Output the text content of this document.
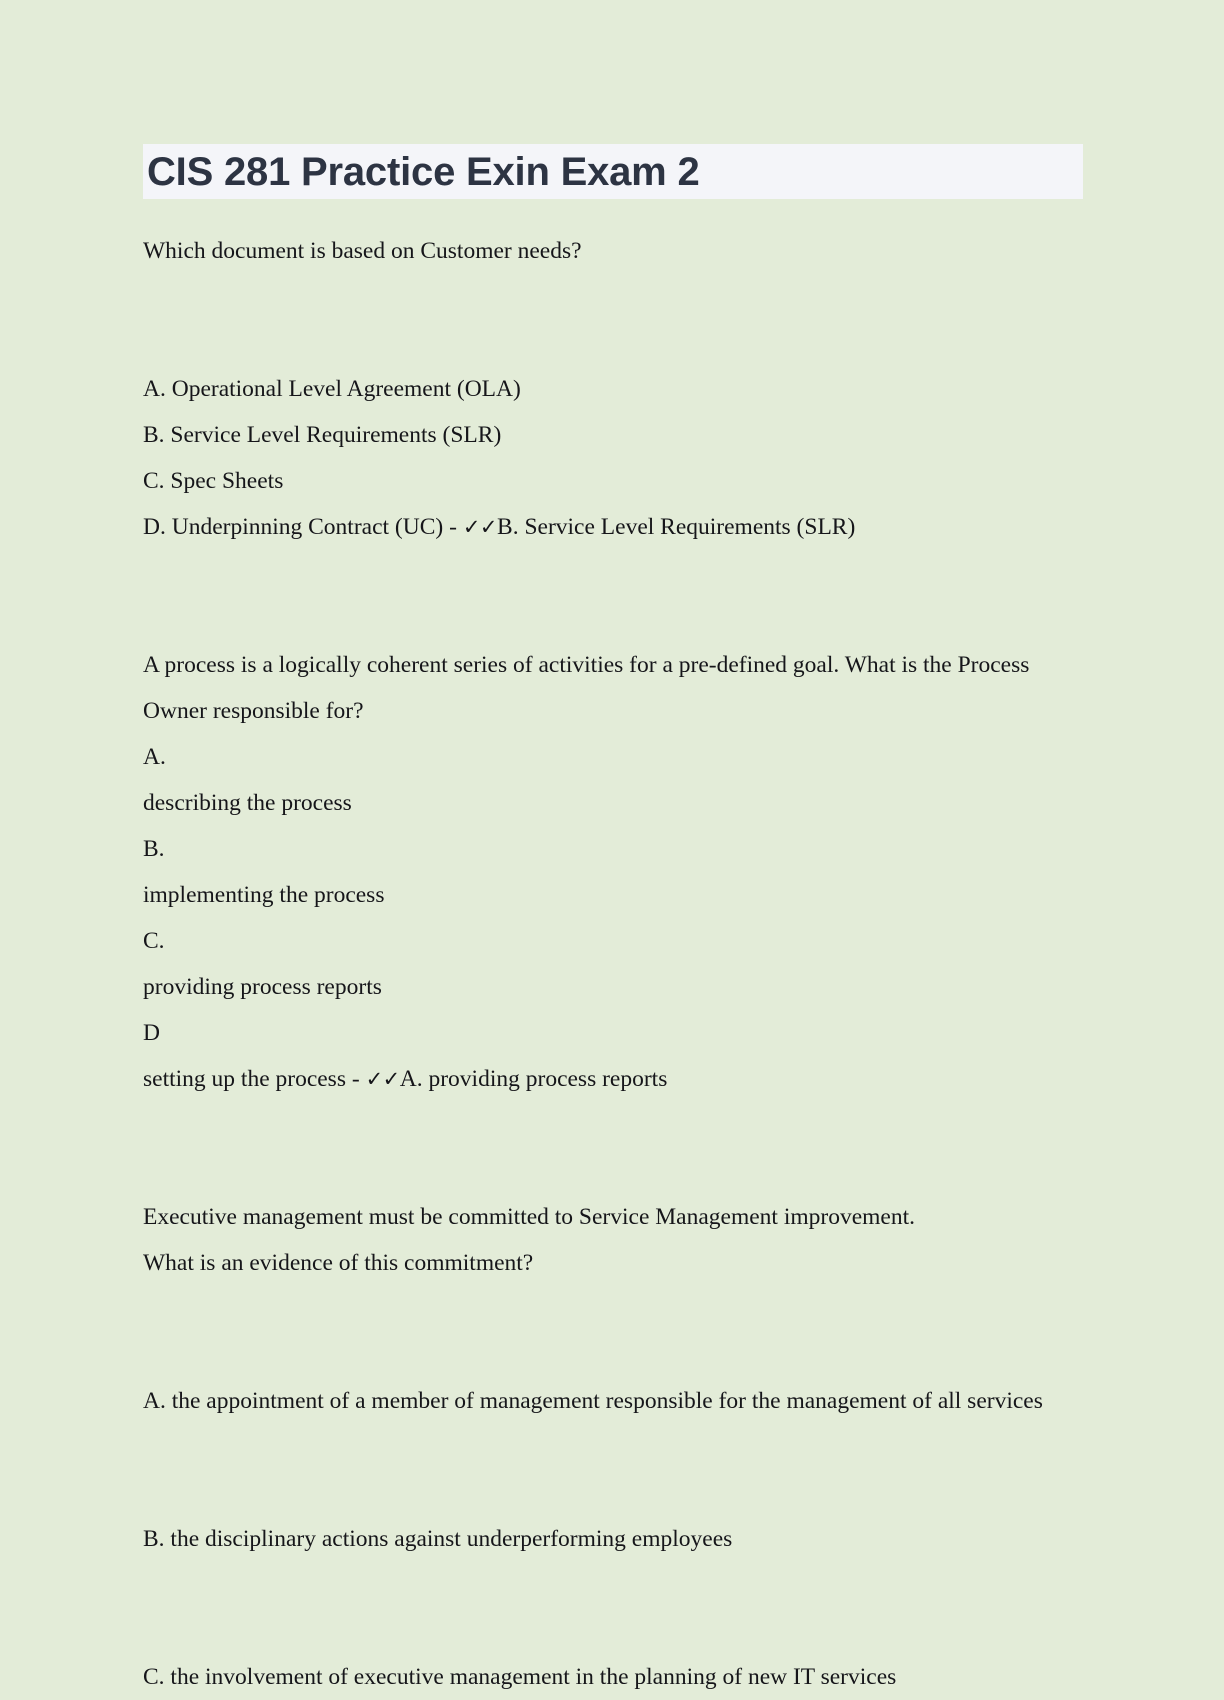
CIS 281 Practice Exin Exam 2

Which document is based on Customer needs?

A. Operational Level Agreement (OLA)

B. Service Level Requirements (SLR)

C. Spec Sheets

D. Underpinning Contract (UC) - ✓✓B. Service Level Requirements (SLR)

A process is a logically coherent series of activities for a pre-defined goal. What is the Process

Owner responsible for?

A.

describing the process

B.

implementing the process

C.

providing process reports

D

setting up the process - ✓✓A. providing process reports

Executive management must be committed to Service Management improvement.

What is an evidence of this commitment?

A. the appointment of a member of management responsible for the management of all services

B. the disciplinary actions against underperforming employees

C. the involvement of executive management in the planning of new IT services
